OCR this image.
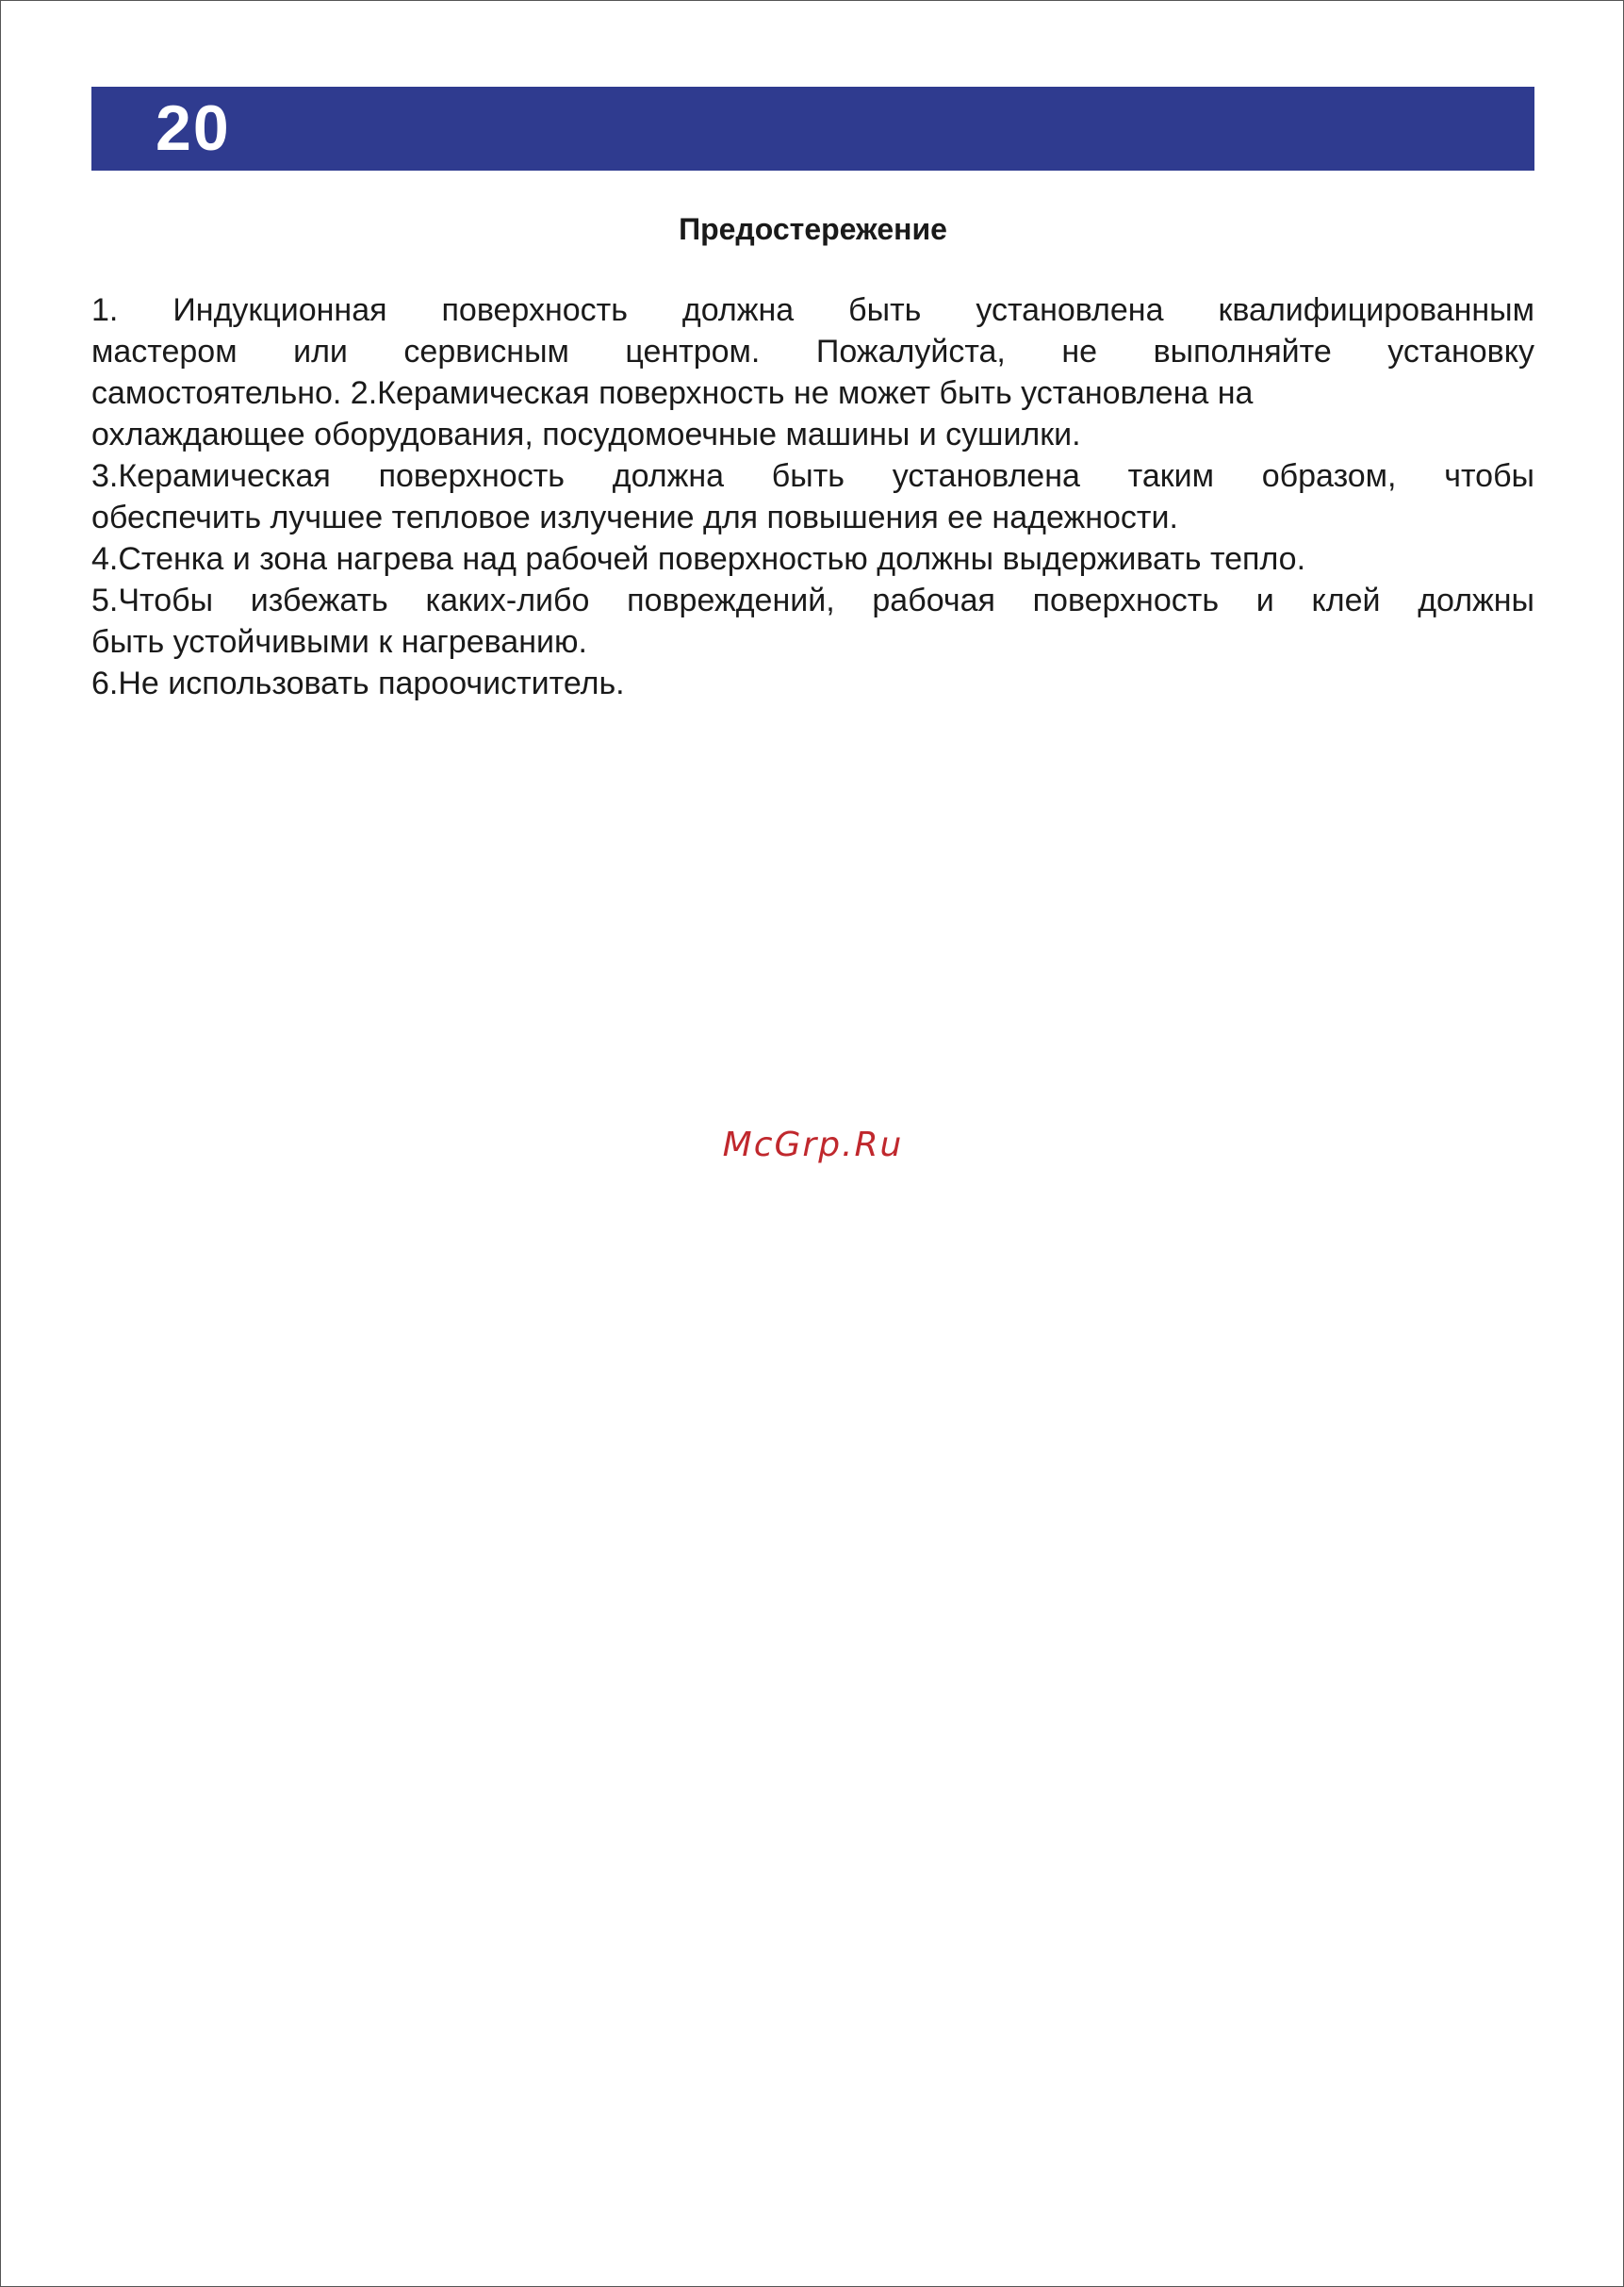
20
Предостережение
1. Индукционная поверхность должна быть установлена квалифицированным
мастером или сервисным центром. Пожалуйста, не выполняйте установку
самостоятельно. 2.Керамическая поверхность не может быть установлена на
охлаждающее оборудования, посудомоечные машины и сушилки.
3.Керамическая поверхность должна быть установлена таким образом, чтобы
обеспечить лучшее тепловое излучение для повышения ее надежности.
4.Стенка и зона нагрева над рабочей поверхностью должны выдерживать тепло.
5.Чтобы избежать каких-либо повреждений, рабочая поверхность и клей должны
быть устойчивыми к нагреванию.
6.Не использовать пароочиститель.
McGrp.Ru
